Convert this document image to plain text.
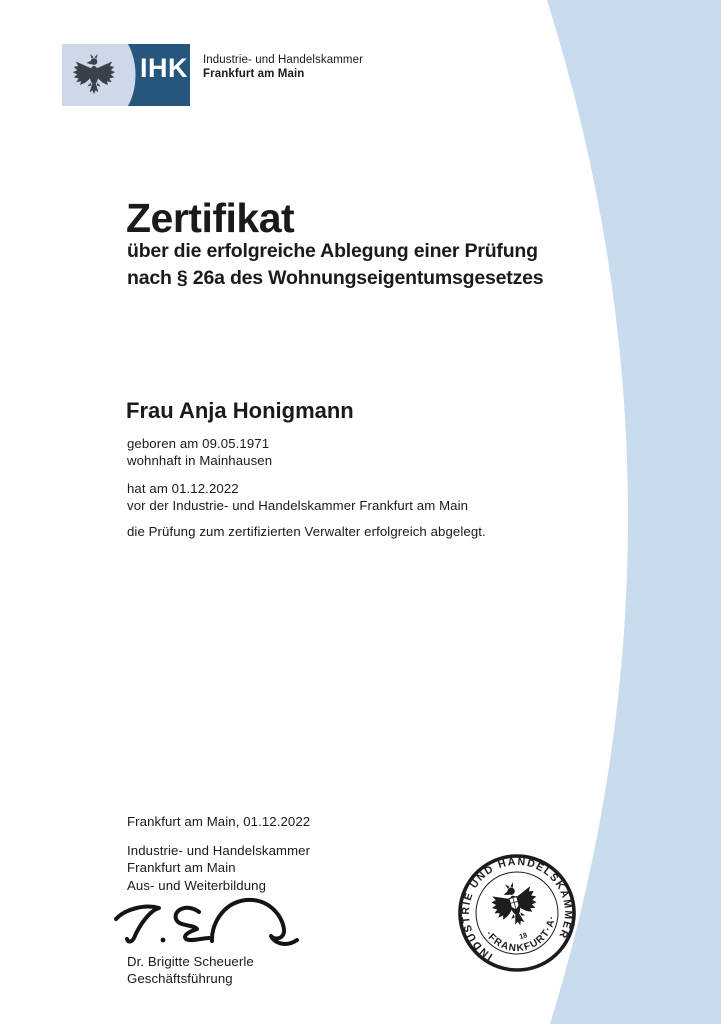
IHK Industrie- und Handelskammer
Frankfurt am Main
Zertifikat
über die erfolgreiche Ablegung einer Prüfung
nach § 26a des Wohnungseigentumsgesetzes
Frau Anja Honigmann
geboren am 09.05.1971
wohnhaft in Mainhausen
hat am 01.12.2022
vor der Industrie- und Handelskammer Frankfurt am Main
die Prüfung zum zertifizierten Verwalter erfolgreich abgelegt.
Frankfurt am Main, 01.12.2022
Industrie- und Handelskammer
Frankfurt am Main
Aus- und Weiterbildung
Dr. Brigitte Scheuerle
Geschäftsführung
INDUSTRIE UND HANDELSKAMMER
·FRANKFURT·A·
18
